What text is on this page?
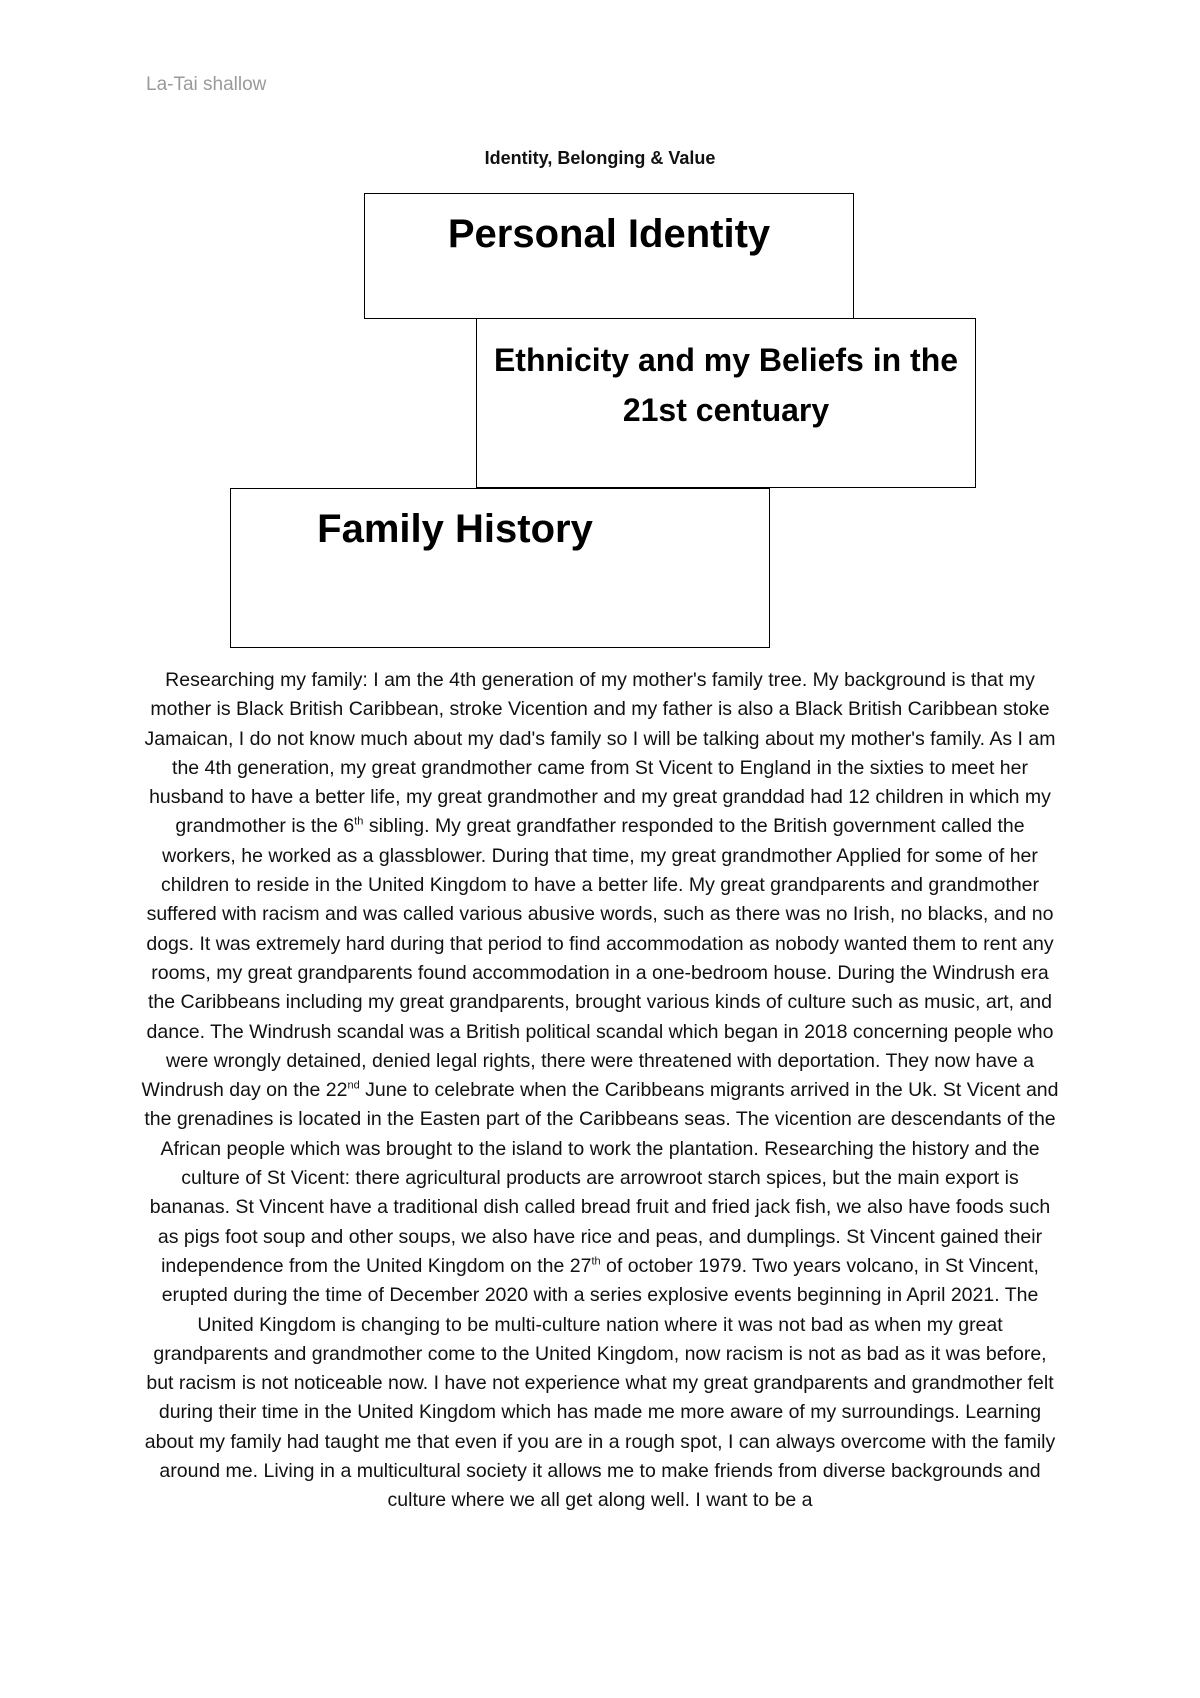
La-Tai shallow
Identity, Belonging & Value
Personal Identity
Ethnicity and my Beliefs in the 21st centuary
Family History
Researching my family: I am the 4th generation of my mother's family tree. My background is that my mother is Black British Caribbean, stroke Vicention and my father is also a Black British Caribbean stoke Jamaican, I do not know much about my dad's family so I will be talking about my mother's family. As I am the 4th generation, my great grandmother came from St Vicent to England in the sixties to meet her husband to have a better life, my great grandmother and my great granddad had 12 children in which my grandmother is the 6th sibling. My great grandfather responded to the British government called the workers, he worked as a glassblower. During that time, my great grandmother Applied for some of her children to reside in the United Kingdom to have a better life. My great grandparents and grandmother suffered with racism and was called various abusive words, such as there was no Irish, no blacks, and no dogs. It was extremely hard during that period to find accommodation as nobody wanted them to rent any rooms, my great grandparents found accommodation in a one-bedroom house. During the Windrush era the Caribbeans including my great grandparents, brought various kinds of culture such as music, art, and dance. The Windrush scandal was a British political scandal which began in 2018 concerning people who were wrongly detained, denied legal rights, there were threatened with deportation. They now have a Windrush day on the 22nd June to celebrate when the Caribbeans migrants arrived in the Uk. St Vicent and the grenadines is located in the Easten part of the Caribbeans seas. The vicention are descendants of the African people which was brought to the island to work the plantation. Researching the history and the culture of St Vicent: there agricultural products are arrowroot starch spices, but the main export is bananas. St Vincent have a traditional dish called bread fruit and fried jack fish, we also have foods such as pigs foot soup and other soups, we also have rice and peas, and dumplings. St Vincent gained their independence from the United Kingdom on the 27th of october 1979. Two years volcano, in St Vincent, erupted during the time of December 2020 with a series explosive events beginning in April 2021. The United Kingdom is changing to be multi-culture nation where it was not bad as when my great grandparents and grandmother come to the United Kingdom, now racism is not as bad as it was before, but racism is not noticeable now. I have not experience what my great grandparents and grandmother felt during their time in the United Kingdom which has made me more aware of my surroundings. Learning about my family had taught me that even if you are in a rough spot, I can always overcome with the family around me. Living in a multicultural society it allows me to make friends from diverse backgrounds and culture where we all get along well. I want to be a
